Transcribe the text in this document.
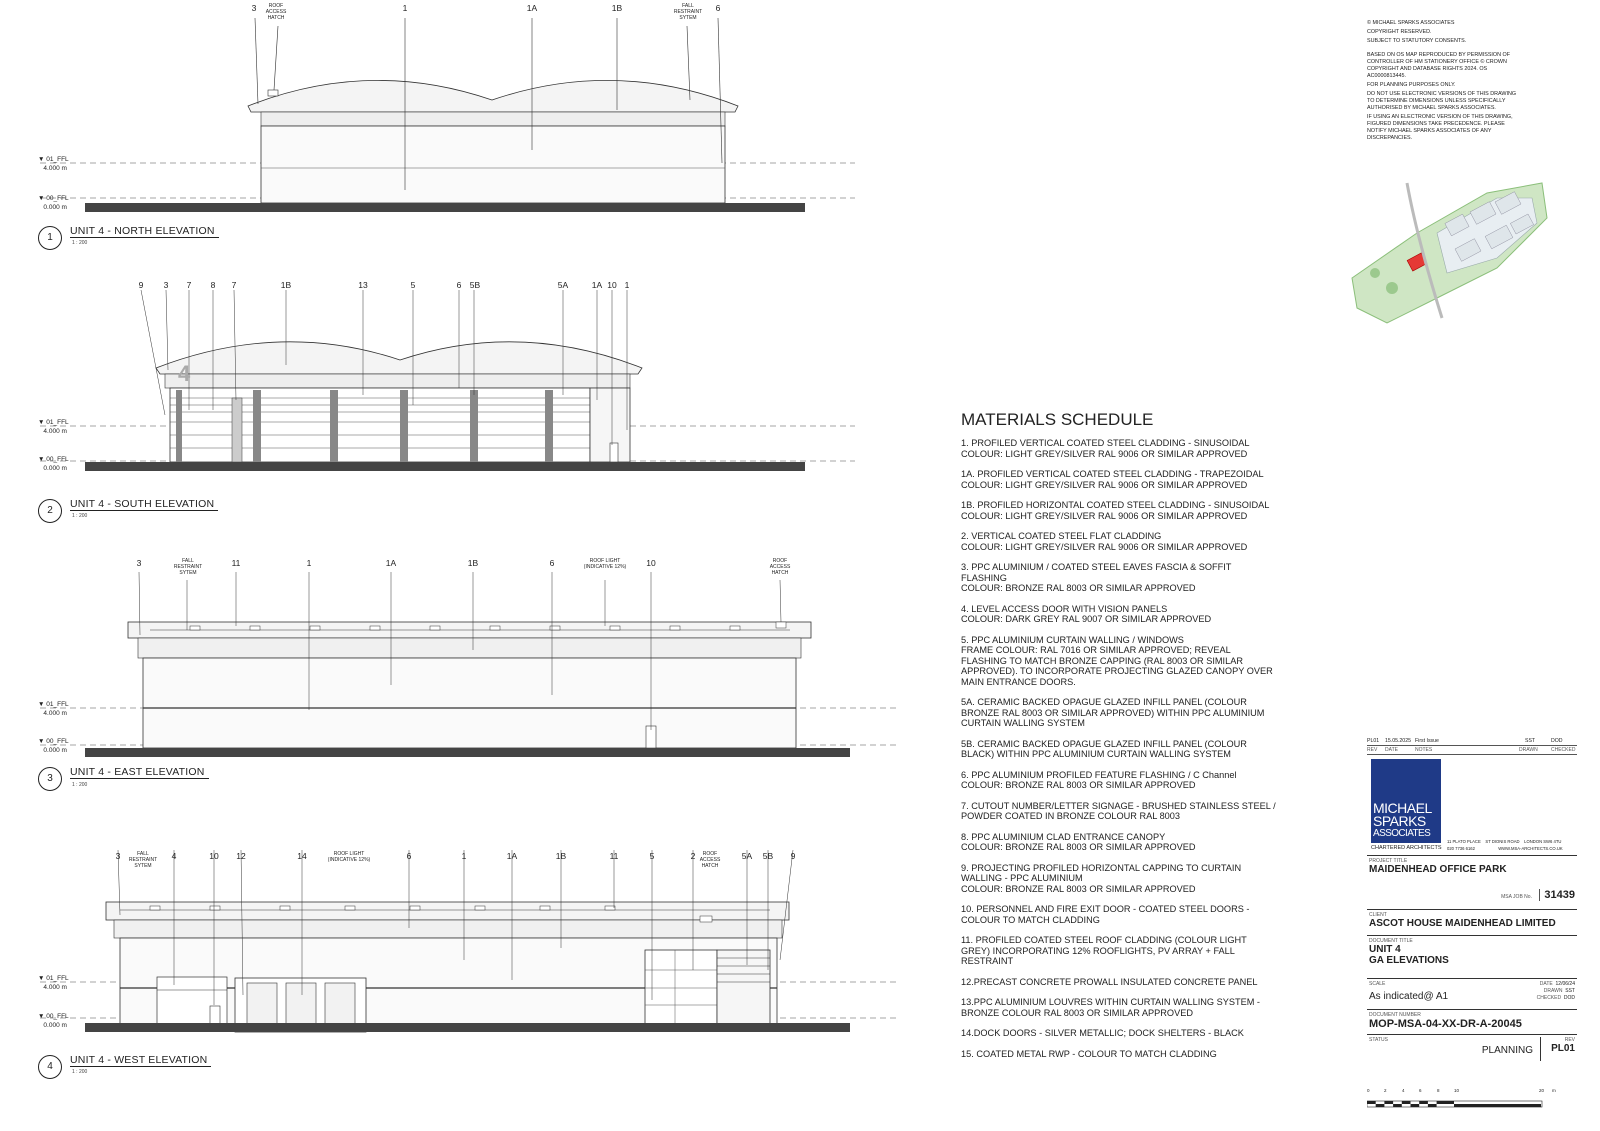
3	1	1A	1B	6
ROOF ACCESS HATCH
FALL RESTRAINT SYTEM
▼ 01_FFL
4.000 m
▼ 00_FFL
0.000 m
1
UNIT 4 - NORTH ELEVATION
1 : 200
4
9	3	7	8	7	1B	13	5	6 5B	5A	1A 10 1
▼ 01_FFL
4.000 m
▼ 00_FFL
0.000 m
2
UNIT 4 - SOUTH ELEVATION
1 : 200
3	11	1	1A	1B	6	10
FALL RESTRAINT SYTEM
ROOF LIGHT (INDICATIVE 12%)
ROOF ACCESS HATCH
▼ 01_FFL
4.000 m
▼ 00_FFL
0.000 m
3
UNIT 4 - EAST ELEVATION
1 : 200
3	4	10	12	14	6	1	1A	1B	11	5	2	5A	5B	9
FALL RESTRAINT SYTEM
ROOF LIGHT (INDICATIVE 12%)
ROOF ACCESS HATCH
▼ 01_FFL
4.000 m
▼ 00_FFL
0.000 m
4
UNIT 4 - WEST ELEVATION
1 : 200
MATERIALS SCHEDULE
1. PROFILED VERTICAL COATED STEEL CLADDING - SINUSOIDAL
COLOUR: LIGHT GREY/SILVER RAL 9006 OR SIMILAR APPROVED
1A. PROFILED VERTICAL COATED STEEL CLADDING - TRAPEZOIDAL
COLOUR: LIGHT GREY/SILVER RAL 9006 OR SIMILAR APPROVED
1B. PROFILED HORIZONTAL COATED STEEL CLADDING - SINUSOIDAL
COLOUR: LIGHT GREY/SILVER RAL 9006 OR SIMILAR APPROVED
2. VERTICAL COATED STEEL FLAT CLADDING
COLOUR: LIGHT GREY/SILVER RAL 9006 OR SIMILAR APPROVED
3. PPC ALUMINIUM / COATED STEEL EAVES FASCIA & SOFFIT
FLASHING
COLOUR: BRONZE RAL 8003 OR SIMILAR APPROVED
4. LEVEL ACCESS DOOR WITH VISION PANELS
COLOUR: DARK GREY RAL 9007 OR SIMILAR APPROVED
5. PPC ALUMINIUM CURTAIN WALLING / WINDOWS
FRAME COLOUR: RAL 7016 OR SIMILAR APPROVED; REVEAL
FLASHING TO MATCH BRONZE CAPPING (RAL 8003 OR SIMILAR
APPROVED). TO INCORPORATE PROJECTING GLAZED CANOPY OVER
MAIN ENTRANCE DOORS.
5A. CERAMIC BACKED OPAGUE GLAZED INFILL PANEL (COLOUR
BRONZE RAL 8003 OR SIMILAR APPROVED) WITHIN PPC ALUMINIUM
CURTAIN WALLING SYSTEM
5B. CERAMIC BACKED OPAGUE GLAZED INFILL PANEL (COLOUR
BLACK) WITHIN PPC ALUMINIUM CURTAIN WALLING SYSTEM
6. PPC ALUMINIUM PROFILED FEATURE FLASHING / C Channel
COLOUR: BRONZE RAL 8003 OR SIMILAR APPROVED
7. CUTOUT NUMBER/LETTER SIGNAGE - BRUSHED STAINLESS STEEL /
POWDER COATED IN BRONZE COLOUR RAL 8003
8. PPC ALUMINIUM CLAD ENTRANCE CANOPY
COLOUR: BRONZE RAL 8003 OR SIMILAR APPROVED
9. PROJECTING PROFILED HORIZONTAL CAPPING TO CURTAIN
WALLING - PPC ALUMINIUM
COLOUR: BRONZE RAL 8003 OR SIMILAR APPROVED
10. PERSONNEL AND FIRE EXIT DOOR - COATED STEEL DOORS -
COLOUR TO MATCH CLADDING
11. PROFILED COATED STEEL ROOF CLADDING (COLOUR LIGHT
GREY) INCORPORATING 12% ROOFLIGHTS, PV ARRAY + FALL
RESTRAINT
12.PRECAST CONCRETE PROWALL INSULATED CONCRETE PANEL
13.PPC ALUMINIUM LOUVRES WITHIN CURTAIN WALLING SYSTEM -
BRONZE COLOUR RAL 8003 OR SIMILAR APPROVED
14.DOCK DOORS - SILVER METALLIC; DOCK SHELTERS - BLACK
15. COATED METAL RWP - COLOUR TO MATCH CLADDING
© MICHAEL SPARKS ASSOCIATES
COPYRIGHT RESERVED.
SUBJECT TO STATUTORY CONSENTS.
BASED ON OS MAP REPRODUCED BY PERMISSION OF
CONTROLLER OF HM STATIONERY OFFICE © CROWN
COPYRIGHT AND DATABASE RIGHTS 2024. OS
AC0000813445.
FOR PLANNING PURPOSES ONLY.
DO NOT USE ELECTRONIC VERSIONS OF THIS DRAWING
TO DETERMINE DIMENSIONS UNLESS SPECIFICALLY
AUTHORISED BY MICHAEL SPARKS ASSOCIATES.
IF USING AN ELECTRONIC VERSION OF THIS DRAWING,
FIGURED DIMENSIONS TAKE PRECEDENCE. PLEASE
NOTIFY MICHAEL SPARKS ASSOCIATES OF ANY
DISCREPANCIES.
PL01	15.05.2025 First Issue	SST	DOD
REV	DATE	NOTES	DRAWN	CHECKED
MICHAEL
SPARKS
ASSOCIATES
CHARTERED ARCHITECTS
11 PLATO PLACE    ST DIONIS ROAD    LONDON SW6 4TU
020 7736 6162                    WWW.MSA-ARCHITECTS.CO.UK
PROJECT TITLE
MAIDENHEAD OFFICE PARK
MSA JOB No. 31439
CLIENT
ASCOT HOUSE MAIDENHEAD LIMITED
DOCUMENT TITLE
UNIT 4
GA ELEVATIONS
SCALE
As indicated@ A1
DATE 12/06/24
DRAWN SST
CHECKED DOD
DOCUMENT NUMBER
MOP-MSA-04-XX-DR-A-20045
STATUS
PLANNING
REV
PL01
0	2	4	6	8	10	20 m
